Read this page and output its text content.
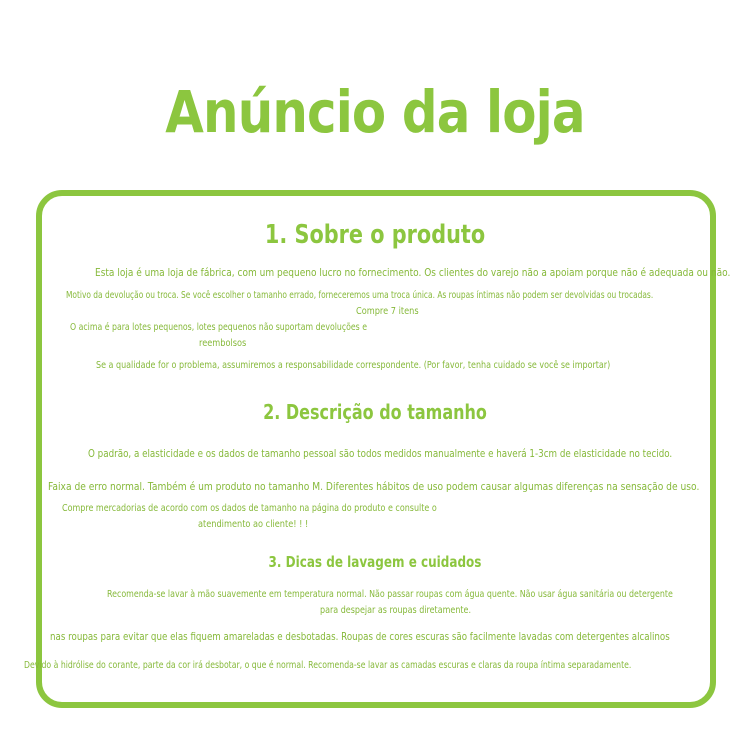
Anúncio da loja
1. Sobre o produto
Esta loja é uma loja de fábrica, com um pequeno lucro no fornecimento. Os clientes do varejo não a apoiam porque não é adequada ou não.
Motivo da devolução ou troca. Se você escolher o tamanho errado, forneceremos uma troca única. As roupas íntimas não podem ser devolvidas ou trocadas.
Compre 7 itens
O acima é para lotes pequenos, lotes pequenos não suportam devoluções e
reembolsos
Se a qualidade for o problema, assumiremos a responsabilidade correspondente. (Por favor, tenha cuidado se você se importar)
2. Descrição do tamanho
O padrão, a elasticidade e os dados de tamanho pessoal são todos medidos manualmente e haverá 1-3cm de elasticidade no tecido.
Faixa de erro normal. Também é um produto no tamanho M. Diferentes hábitos de uso podem causar algumas diferenças na sensação de uso.
Compre mercadorias de acordo com os dados de tamanho na página do produto e consulte o
atendimento ao cliente! ! !
3. Dicas de lavagem e cuidados
Recomenda-se lavar à mão suavemente em temperatura normal. Não passar roupas com água quente. Não usar água sanitária ou detergente
para despejar as roupas diretamente.
nas roupas para evitar que elas fiquem amareladas e desbotadas. Roupas de cores escuras são facilmente lavadas com detergentes alcalinos
Devido à hidrólise do corante, parte da cor irá desbotar, o que é normal. Recomenda-se lavar as camadas escuras e claras da roupa íntima separadamente.
